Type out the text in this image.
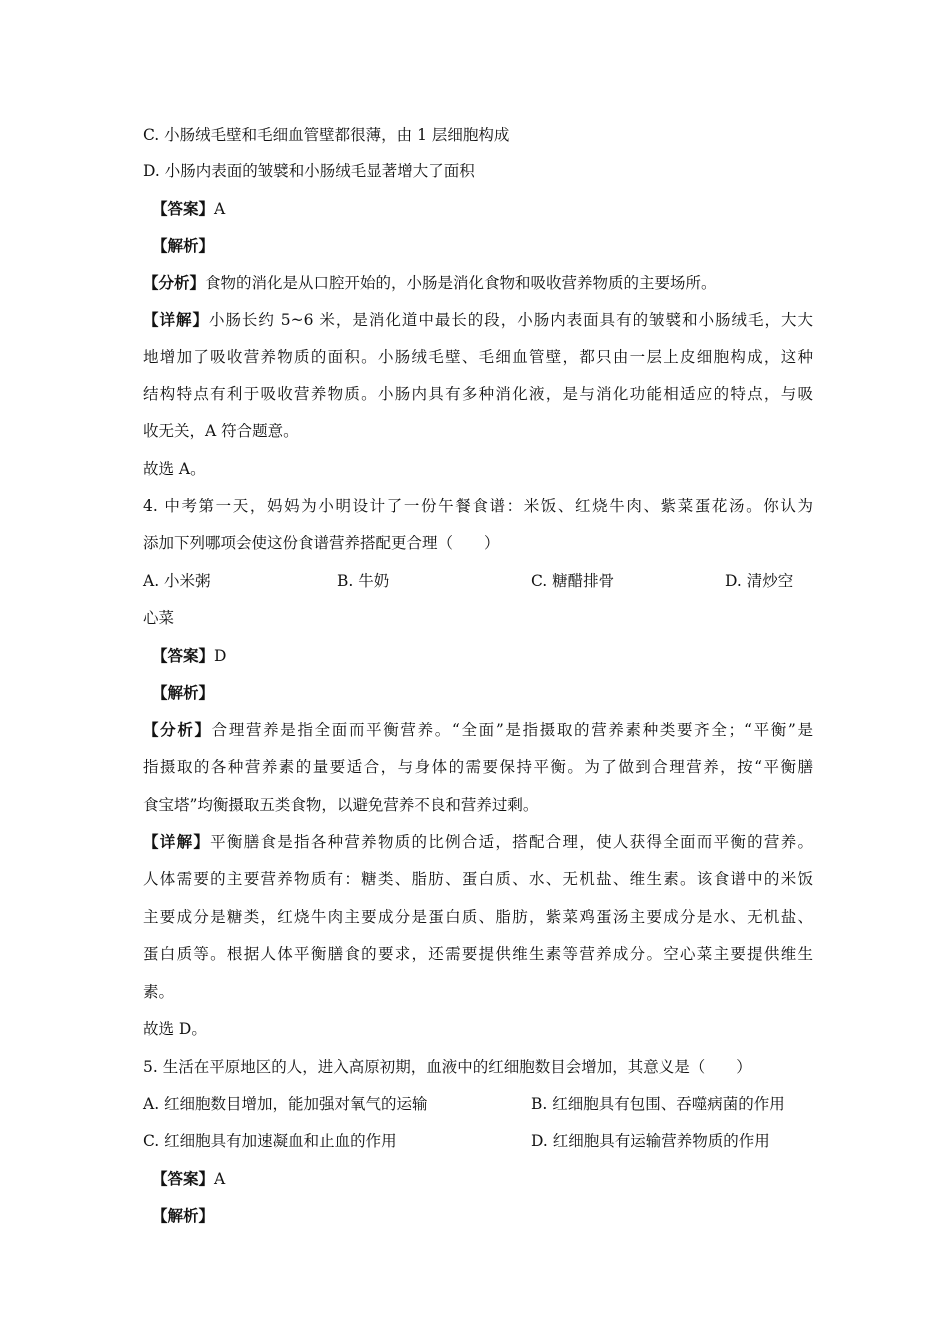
C. 小肠绒毛壁和毛细血管壁都很薄，由 1 层细胞构成
D. 小肠内表面的皱襞和小肠绒毛显著增大了面积
【答案】A
【解析】
【分析】食物的消化是从口腔开始的，小肠是消化食物和吸收营养物质的主要场所。
【详解】小肠长约 5~6 米，是消化道中最长的段，小肠内表面具有的皱襞和小肠绒毛，大大
地增加了吸收营养物质的面积。小肠绒毛壁、毛细血管壁，都只由一层上皮细胞构成，这种
结构特点有利于吸收营养物质。小肠内具有多种消化液，是与消化功能相适应的特点，与吸
收无关，A 符合题意。
故选 A。
4. 中考第一天，妈妈为小明设计了一份午餐食谱：米饭、红烧牛肉、紫菜蛋花汤。你认为
添加下列哪项会使这份食谱营养搭配更合理（　　）
A. 小米粥	B. 牛奶	C. 糖醋排骨	D. 清炒空
心菜
【答案】D
【解析】
【分析】合理营养是指全面而平衡营养。“全面”是指摄取的营养素种类要齐全；“平衡”是
指摄取的各种营养素的量要适合，与身体的需要保持平衡。为了做到合理营养，按“平衡膳
食宝塔”均衡摄取五类食物，以避免营养不良和营养过剩。
【详解】平衡膳食是指各种营养物质的比例合适，搭配合理，使人获得全面而平衡的营养。
人体需要的主要营养物质有：糖类、脂肪、蛋白质、水、无机盐、维生素。该食谱中的米饭
主要成分是糖类，红烧牛肉主要成分是蛋白质、脂肪，紫菜鸡蛋汤主要成分是水、无机盐、
蛋白质等。根据人体平衡膳食的要求，还需要提供维生素等营养成分。空心菜主要提供维生
素。
故选 D。
5. 生活在平原地区的人，进入高原初期，血液中的红细胞数目会增加，其意义是（　　）
A. 红细胞数目增加，能加强对氧气的运输	B. 红细胞具有包围、吞噬病菌的作用
C. 红细胞具有加速凝血和止血的作用	D. 红细胞具有运输营养物质的作用
【答案】A
【解析】
